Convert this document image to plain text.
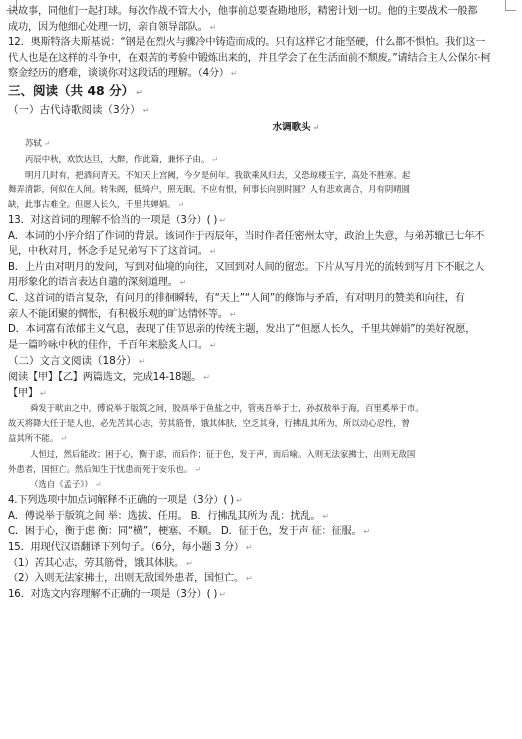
诀故事，同他们一起打球。每次作战不管大小，他事前总要查勘地形，精密计划一切。他的主要战术一般都
成功，因为他细心处理一切，亲自领导部队。 ↵
12．奥斯特洛夫斯基说：“钢是在烈火与骤冷中铸造而成的。只有这样它才能坚硬，什么都不惧怕。我们这一
代人也是在这样的斗争中，在艰苦的考验中锻炼出来的，并且学会了在生活面前不颓废。”请结合主人公保尔·柯
察金经历的磨难，谈谈你对这段话的理解。（4分） ↵
三、阅读（共 48 分） ↵
（一）古代诗歌阅读（3分） ↵
水调歌头 ↵
苏轼 ↵
丙辰中秋，欢饮达旦，大醉，作此篇，兼怀子由。 ↵
明月几时有，把酒问青天。不知天上宫阙，今夕是何年。我欲乘风归去，又恐琼楼玉宇，高处不胜寒。起
舞弄清影，何似在人间。转朱阁，低绮户，照无眠。不应有恨，何事长向别时圆？人有悲欢离合，月有阴晴圆
缺，此事古难全。但愿人长久，千里共婵娟。 ↵
13．对这首词的理解不恰当的一项是（3分）( ) ↵
A．本词的小序介绍了作词的背景。该词作于丙辰年，当时作者任密州太守，政治上失意，与弟苏辙已七年不
见，中秋对月，怀念手足兄弟写下了这首词。 ↵
B．上片由对明月的发问，写到对仙境的向往，又回到对人间的留恋。下片从写月光的流转到写月下不眠之人
用形象化的语言表达自遣的深刻道理。 ↵
C．这首词的语言复杂，有问月的徘徊瞬转，有“天上”“人间”的修饰与矛盾，有对明月的赞美和向往，有
亲人不能团聚的惆怅，有积极乐观的旷达情怀等。 ↵
D．本词富有浓郁主义气息，表现了佳节思亲的传统主题，发出了“但愿人长久，千里共婵娟”的美好祝愿，
是一篇吟咏中秋的佳作，千百年来脍炙人口。 ↵
（二）文言文阅读（18分） ↵
阅读【甲】【乙】两篇选文，完成14-18题。 ↵
【甲】 ↵
舜发于畎亩之中，傅说举于版筑之间，胶鬲举于鱼盐之中，管夷吾举于士，孙叔敖举于海，百里奚举于市。
故天将降大任于是人也，必先苦其心志，劳其筋骨，饿其体肤，空乏其身，行拂乱其所为，所以动心忍性，曾
益其所不能。 ↵
人恒过，然后能改；困于心，衡于虑，而后作；征于色，发于声，而后喻。入则无法家拂士，出则无敌国
外患者，国恒亡。然后知生于忧患而死于安乐也。 ↵
（选自《孟子》） ↵
4.下列选项中加点词解释不正确的一项是（3分）( ) ↵
A．傅说举于版筑之间 举：选拔、任用。 B．行拂乱其所为 乱：扰乱。 ↵
C．困于心，衡于虑 衡：同“横”，梗塞、不顺。 D．征于色，发于声 征：征服。 ↵
15．用现代汉语翻译下列句子。（6分，每小题 3 分） ↵
（1）苦其心志，劳其筋骨，饿其体肤。 ↵
（2）入则无法家拂士，出则无敌国外患者，国恒亡。 ↵
16．对选文内容理解不正确的一项是（3分）( ) ↵
